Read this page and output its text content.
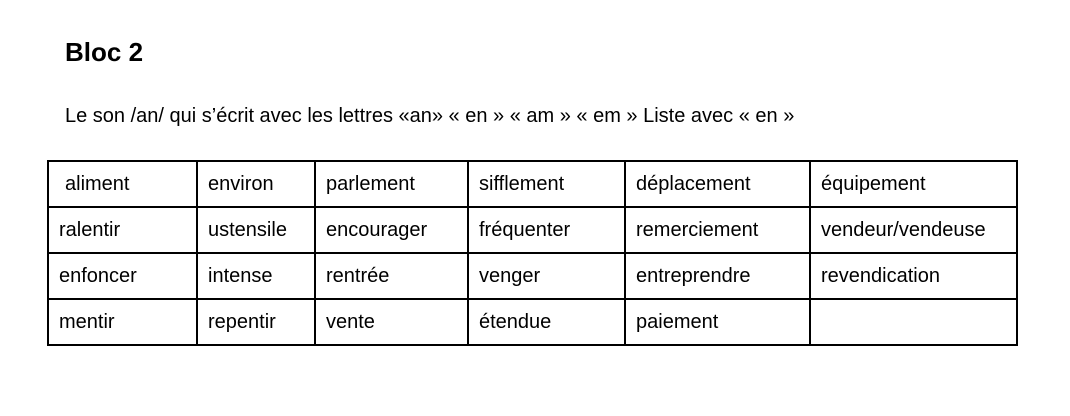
Bloc 2

Le son /an/ qui s’écrit avec les lettres «an» « en » « am » « em » Liste avec « en »

aliment	environ	parlement	sifflement	déplacement	équipement
ralentir	ustensile	encourager	fréquenter	remerciement	vendeur/vendeuse
enfoncer	intense	rentrée	venger	entreprendre	revendication
mentir	repentir	vente	étendue	paiement	
